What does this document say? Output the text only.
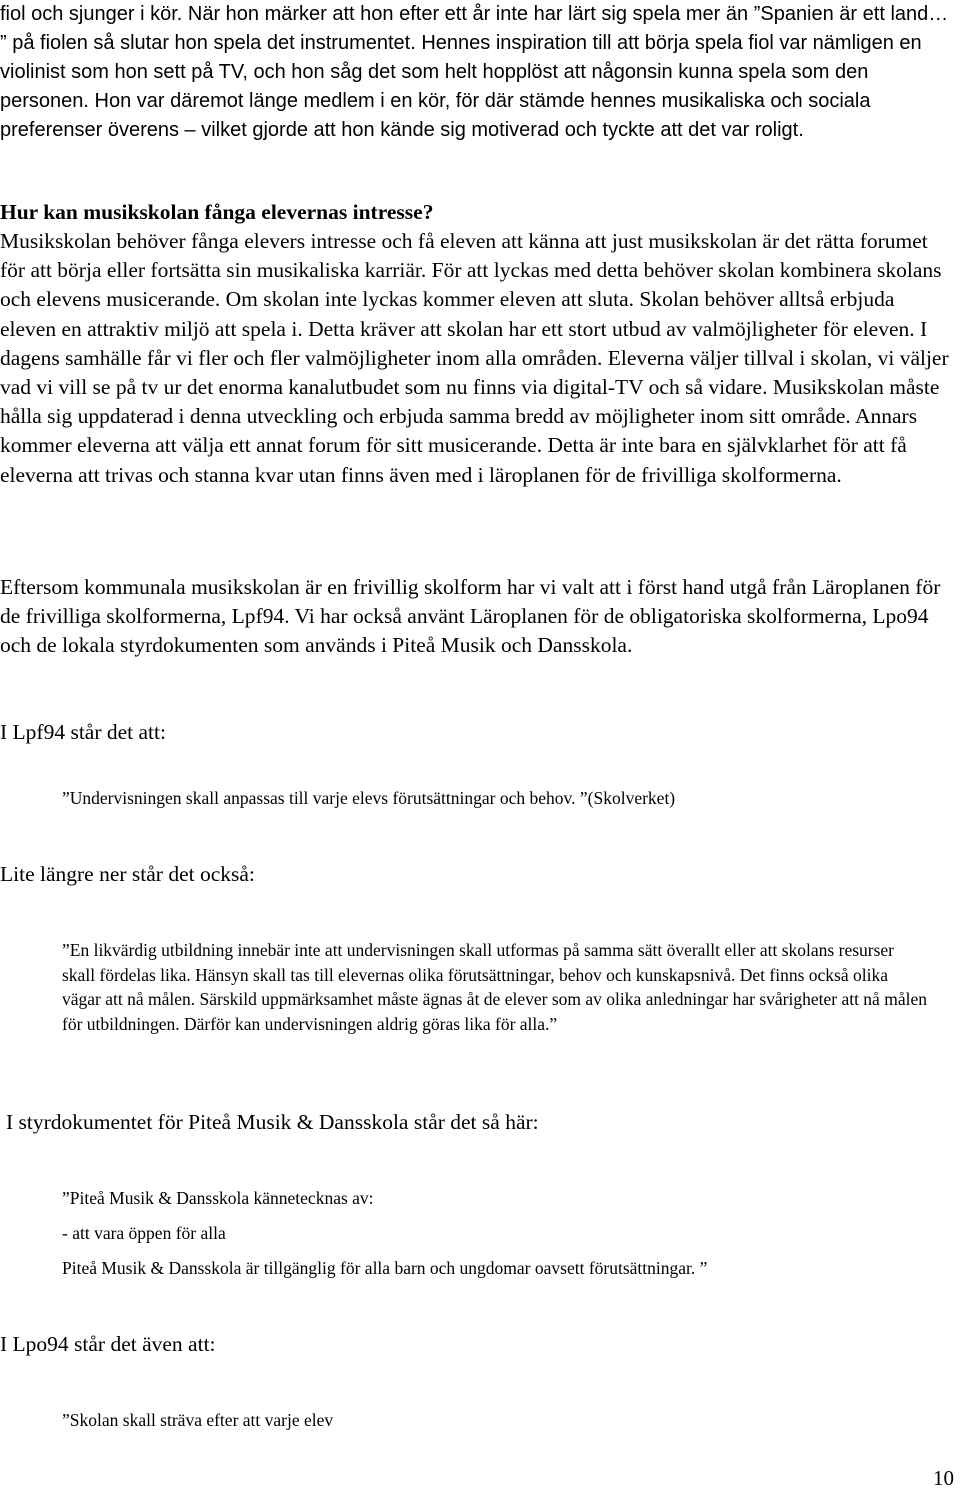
fiol och sjunger i kör. När hon märker att hon efter ett år inte har lärt sig spela mer än ”Spanien är ett land… ” på fiolen så slutar hon spela det instrumentet. Hennes inspiration till att börja spela fiol var nämligen en violinist som hon sett på TV, och hon såg det som helt hopplöst att någonsin kunna spela som den personen. Hon var däremot länge medlem i en kör, för där stämde hennes musikaliska och sociala preferenser överens – vilket gjorde att hon kände sig motiverad och tyckte att det var roligt.

Hur kan musikskolan fånga elevernas intresse?

Musikskolan behöver fånga elevers intresse och få eleven att känna att just musikskolan är det rätta forumet för att börja eller fortsätta sin musikaliska karriär. För att lyckas med detta behöver skolan kombinera skolans och elevens musicerande. Om skolan inte lyckas kommer eleven att sluta. Skolan behöver alltså erbjuda eleven en attraktiv miljö att spela i. Detta kräver att skolan har ett stort utbud av valmöjligheter för eleven. I dagens samhälle får vi fler och fler valmöjligheter inom alla områden. Eleverna väljer tillval i skolan, vi väljer vad vi vill se på tv ur det enorma kanalutbudet som nu finns via digital-TV och så vidare. Musikskolan måste hålla sig uppdaterad i denna utveckling och erbjuda samma bredd av möjligheter inom sitt område. Annars kommer eleverna att välja ett annat forum för sitt musicerande. Detta är inte bara en självklarhet för att få eleverna att trivas och stanna kvar utan finns även med i läroplanen för de frivilliga skolformerna.

Eftersom kommunala musikskolan är en frivillig skolform har vi valt att i först hand utgå från Läroplanen för de frivilliga skolformerna, Lpf94. Vi har också använt Läroplanen för de obligatoriska skolformerna, Lpo94 och de lokala styrdokumenten som används i Piteå Musik och Dansskola.

I Lpf94 står det att:

”Undervisningen skall anpassas till varje elevs förutsättningar och behov. ”(Skolverket)

Lite längre ner står det också:

”En likvärdig utbildning innebär inte att undervisningen skall utformas på samma sätt överallt eller att skolans resurser skall fördelas lika. Hänsyn skall tas till elevernas olika förutsättningar, behov och kunskapsnivå. Det finns också olika vägar att nå målen. Särskild uppmärksamhet måste ägnas åt de elever som av olika anledningar har svårigheter att nå målen för utbildningen. Därför kan undervisningen aldrig göras lika för alla.”

I styrdokumentet för Piteå Musik & Dansskola står det så här:

”Piteå Musik & Dansskola kännetecknas av:

- att vara öppen för alla

Piteå Musik & Dansskola är tillgänglig för alla barn och ungdomar oavsett förutsättningar. ”

I Lpo94 står det även att:

”Skolan skall sträva efter att varje elev

10
